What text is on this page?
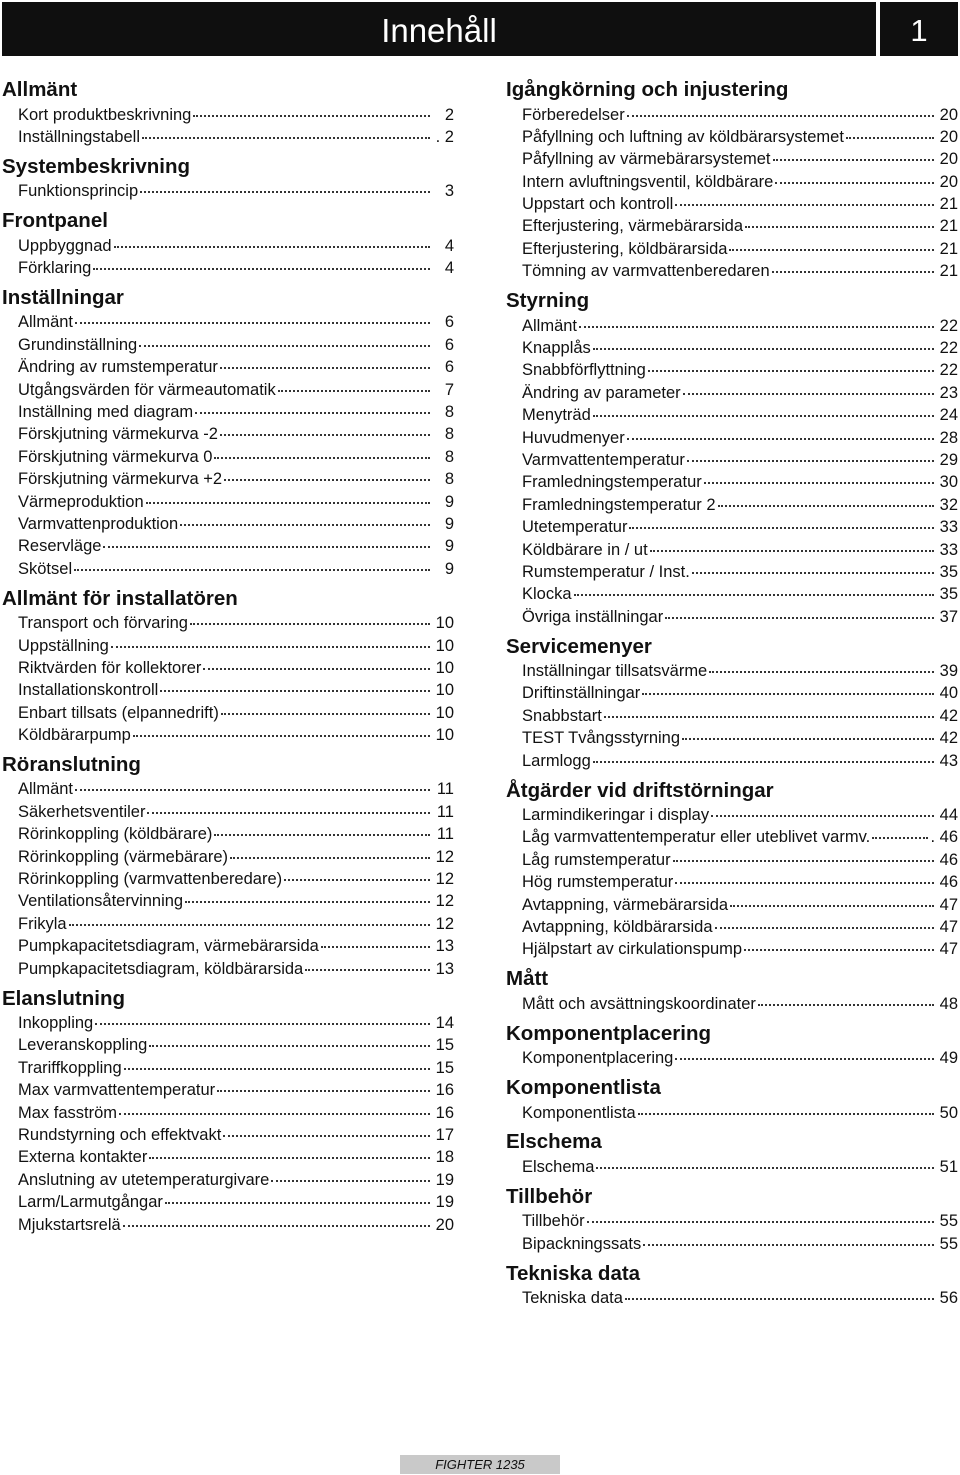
Innehåll	1
Allmänt
Kort produktbeskrivning	2
Inställningstabell	. 2
Systembeskrivning
Funktionsprincip	3
Frontpanel
Uppbyggnad	4
Förklaring	4
Inställningar
Allmänt	6
Grundinställning	6
Ändring av rumstemperatur	6
Utgångsvärden för värmeautomatik	7
Inställning med diagram	8
Förskjutning värmekurva -2	8
Förskjutning värmekurva 0	8
Förskjutning värmekurva +2	8
Värmeproduktion	9
Varmvattenproduktion	9
Reservläge	9
Skötsel	9
Allmänt för installatören
Transport och förvaring	10
Uppställning	10
Riktvärden för kollektorer	10
Installationskontroll	10
Enbart tillsats (elpannedrift)	10
Köldbärarpump	10
Röranslutning
Allmänt	11
Säkerhetsventiler	11
Rörinkoppling (köldbärare)	11
Rörinkoppling (värmebärare)	12
Rörinkoppling (varmvattenberedare)	12
Ventilationsåtervinning	12
Frikyla	12
Pumpkapacitetsdiagram, värmebärarsida	13
Pumpkapacitetsdiagram, köldbärarsida	13
Elanslutning
Inkoppling	14
Leveranskoppling	15
Trariffkoppling	15
Max varmvattentemperatur	16
Max fasström	16
Rundstyrning och effektvakt	17
Externa kontakter	18
Anslutning av utetemperaturgivare	19
Larm/Larmutgångar	19
Mjukstartsrelä	20
Igångkörning och injustering
Förberedelser	20
Påfyllning och luftning av köldbärarsystemet	20
Påfyllning av värmebärarsystemet	20
Intern avluftningsventil, köldbärare	20
Uppstart och kontroll	21
Efterjustering, värmebärarsida	21
Efterjustering, köldbärarsida	21
Tömning av varmvattenberedaren	21
Styrning
Allmänt	22
Knapplås	22
Snabbförflyttning	22
Ändring av parameter	23
Menyträd	24
Huvudmenyer	28
Varmvattentemperatur	29
Framledningstemperatur	30
Framledningstemperatur 2	32
Utetemperatur	33
Köldbärare in / ut	33
Rumstemperatur / Inst.	35
Klocka	35
Övriga inställningar	37
Servicemenyer
Inställningar tillsatsvärme	39
Driftinställningar	40
Snabbstart	42
TEST Tvångsstyrning	42
Larmlogg	43
Åtgärder vid driftstörningar
Larmindikeringar i display	44
Låg varmvattentemperatur eller uteblivet varmv.	. 46
Låg rumstemperatur	46
Hög rumstemperatur	46
Avtappning, värmebärarsida	47
Avtappning, köldbärarsida	47
Hjälpstart av cirkulationspump	47
Mått
Mått och avsättningskoordinater	48
Komponentplacering
Komponentplacering	49
Komponentlista
Komponentlista	50
Elschema
Elschema	51
Tillbehör
Tillbehör	55
Bipackningssats	55
Tekniska data
Tekniska data	56
FIGHTER 1235
